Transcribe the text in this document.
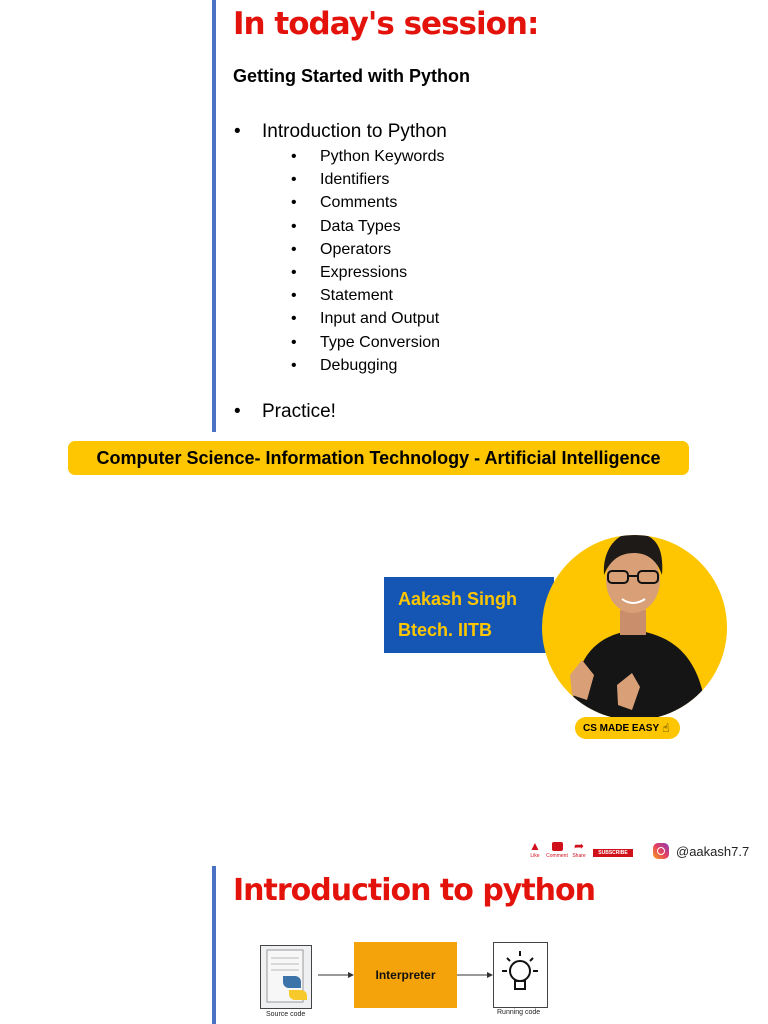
In today's session:
Getting Started with Python
• Introduction to Python
• Python Keywords
• Identifiers
• Comments
• Data Types
• Operators
• Expressions
• Statement
• Input and Output
• Type Conversion
• Debugging
• Practice!
Computer Science- Information Technology - Artificial Intelligence
Aakash Singh
Btech. IITB
CS MADE EASY ☝
▲
Like	Comment
➦
Share	SUBSCRIBE	@aakash7.7
Introduction to python
Source code
Interpreter
Running code
